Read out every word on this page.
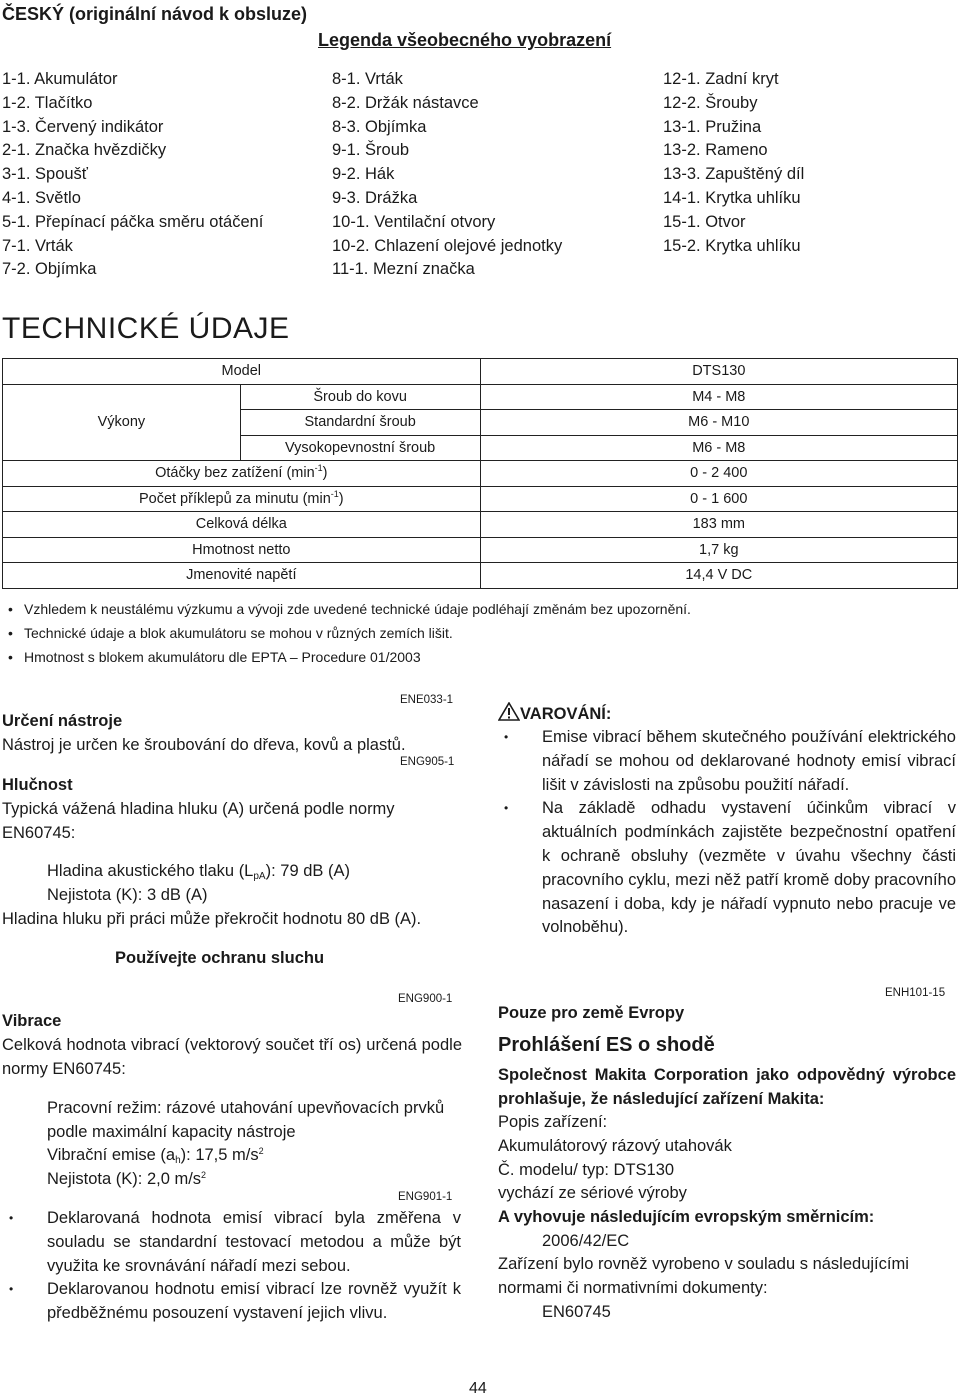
ČESKÝ (originální návod k obsluze)
Legenda všeobecného vyobrazení
1-1. Akumulátor
1-2. Tlačítko
1-3. Červený indikátor
2-1. Značka hvězdičky
3-1. Spoušť
4-1. Světlo
5-1. Přepínací páčka směru otáčení
7-1. Vrták
7-2. Objímka
8-1. Vrták
8-2. Držák nástavce
8-3. Objímka
9-1. Šroub
9-2. Hák
9-3. Drážka
10-1. Ventilační otvory
10-2. Chlazení olejové jednotky
11-1. Mezní značka
12-1. Zadní kryt
12-2. Šrouby
13-1. Pružina
13-2. Rameno
13-3. Zapuštěný díl
14-1. Krytka uhlíku
15-1. Otvor
15-2. Krytka uhlíku
TECHNICKÉ ÚDAJE
Model		DTS130
Výkony	Šroub do kovu	M4 - M8
	Standardní šroub	M6 - M10
	Vysokopevnostní šroub	M6 - M8
Otáčky bez zatížení $(\min^{-1})$		0 - 2 400
Počet příklepů za minutu $(\min^{-1})$		0 - 1 600
Celková délka		183 mm
Hmotnost netto		1,7 kg
Jmenovité napětí		14,4 V DC
• Vzhledem k neustálému výzkumu a vývoji zde uvedené technické údaje podléhají změnám bez upozornění.
• Technické údaje a blok akumulátoru se mohou v různých zemích lišit.
• Hmotnost s blokem akumulátoru dle EPTA – Procedure 01/2003
ENE033-1
Určení nástroje
Nástroj je určen ke šroubování do dřeva, kovů a plastů.
ENG905-1
Hlučnost
Typická vážená hladina hluku (A) určená podle normy EN60745:
Hladina akustického tlaku $(L_{pA})$: 79 dB (A)
Nejistota (K): 3 dB (A)
Hladina hluku při práci může překročit hodnotu 80 dB (A).
Používejte ochranu sluchu
ENG900-1
Vibrace
Celková hodnota vibrací (vektorový součet tří os) určená podle normy EN60745:
Pracovní režim: rázové utahování upevňovacích prvků podle maximální kapacity nástroje
Vibrační emise $(a_h)$: 17,5 $m/s^2$
Nejistota (K): 2,0 $m/s^2$
ENG901-1
• Deklarovaná hodnota emisí vibrací byla změřena v souladu se standardní testovací metodou a může být využita ke srovnávání nářadí mezi sebou.
• Deklarovanou hodnotu emisí vibrací lze rovněž využít k předběžnému posouzení vystavení jejich vlivu.
VAROVÁNÍ:
• Emise vibrací během skutečného používání elektrického nářadí se mohou od deklarované hodnoty emisí vibrací lišit v závislosti na způsobu použití nářadí.
• Na základě odhadu vystavení účinkům vibrací v aktuálních podmínkách zajistěte bezpečnostní opatření k ochraně obsluhy (vezměte v úvahu všechny části pracovního cyklu, mezi něž patří kromě doby pracovního nasazení i doba, kdy je nářadí vypnuto nebo pracuje ve volnoběhu).
ENH101-15
Pouze pro země Evropy
Prohlášení ES o shodě
Společnost Makita Corporation jako odpovědný výrobce prohlašuje, že následující zařízení Makita:
Popis zařízení:
Akumulátorový rázový utahovák
Č. modelu/ typ: DTS130
vychází ze sériové výroby
A vyhovuje následujícím evropským směrnicím:
2006/42/EC
Zařízení bylo rovněž vyrobeno v souladu s následujícími normami či normativními dokumenty:
EN60745
44
